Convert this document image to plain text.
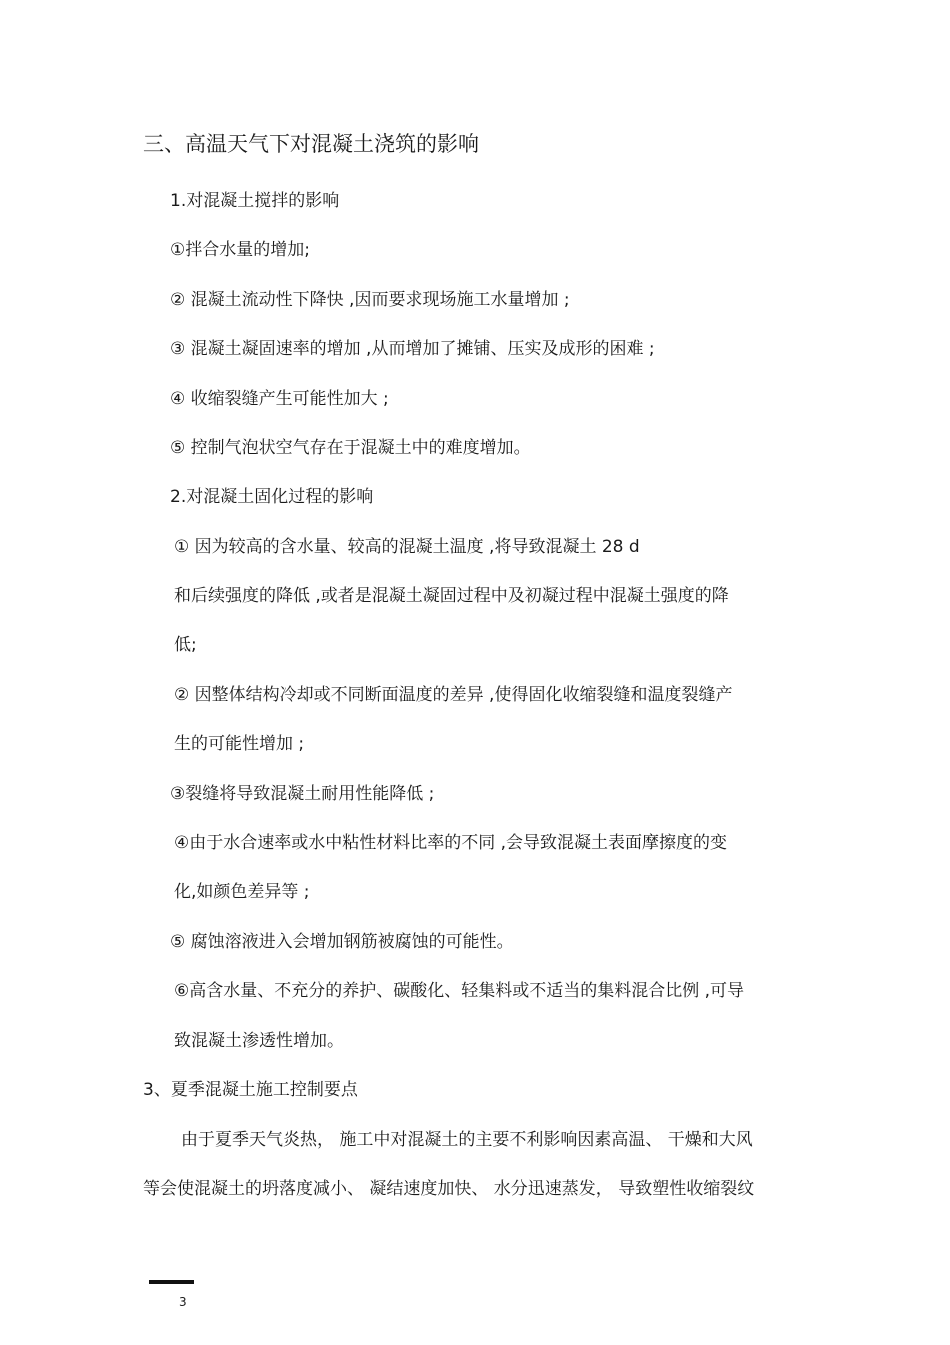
三、高温天气下对混凝土浇筑的影响
1.对混凝土搅拌的影响
①拌合水量的增加;
② 混凝土流动性下降快 ,因而要求现场施工水量增加 ;
③ 混凝土凝固速率的增加 ,从而增加了摊铺、压实及成形的困难 ;
④ 收缩裂缝产生可能性加大 ;
⑤ 控制气泡状空气存在于混凝土中的难度增加。
2.对混凝土固化过程的影响
① 因为较高的含水量、较高的混凝土温度 ,将导致混凝土 28 d
和后续强度的降低 ,或者是混凝土凝固过程中及初凝过程中混凝土强度的降
低;
② 因整体结构冷却或不同断面温度的差异 ,使得固化收缩裂缝和温度裂缝产
生的可能性增加 ;
③裂缝将导致混凝土耐用性能降低 ;
④由于水合速率或水中粘性材料比率的不同 ,会导致混凝土表面摩擦度的变
化,如颜色差异等 ;
⑤ 腐蚀溶液进入会增加钢筋被腐蚀的可能性。
⑥高含水量、不充分的养护、碳酸化、轻集料或不适当的集料混合比例 ,可导
致混凝土渗透性增加。
3、夏季混凝土施工控制要点
由于夏季天气炎热， 施工中对混凝土的主要不利影响因素高温、 干燥和大风
等会使混凝土的坍落度减小、 凝结速度加快、 水分迅速蒸发， 导致塑性收缩裂纹
3
